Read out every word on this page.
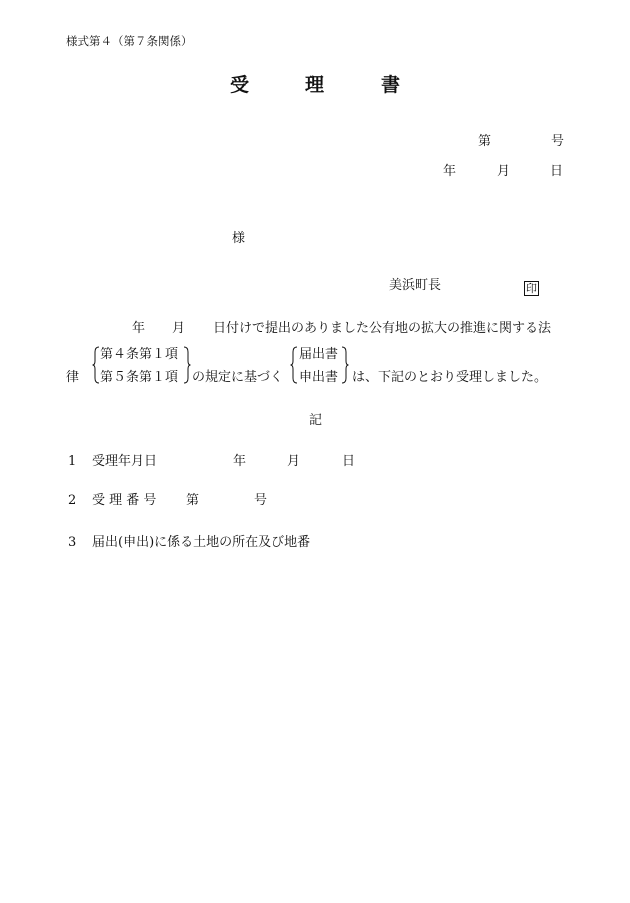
様式第４（第７条関係）
受	理	書
第	号
年	月	日
様
美浜町長	印
年 月 日付けで提出のありました公有地の拡大の推進に関する法
律
第４条第１項
第５条第１項 の規定に基づく
届出書
申出書 は、下記のとおり受理しました。
記
1 受理年月日	年	月	日
2 受 理 番 号 第	号
3 届出(申出)に係る土地の所在及び地番
